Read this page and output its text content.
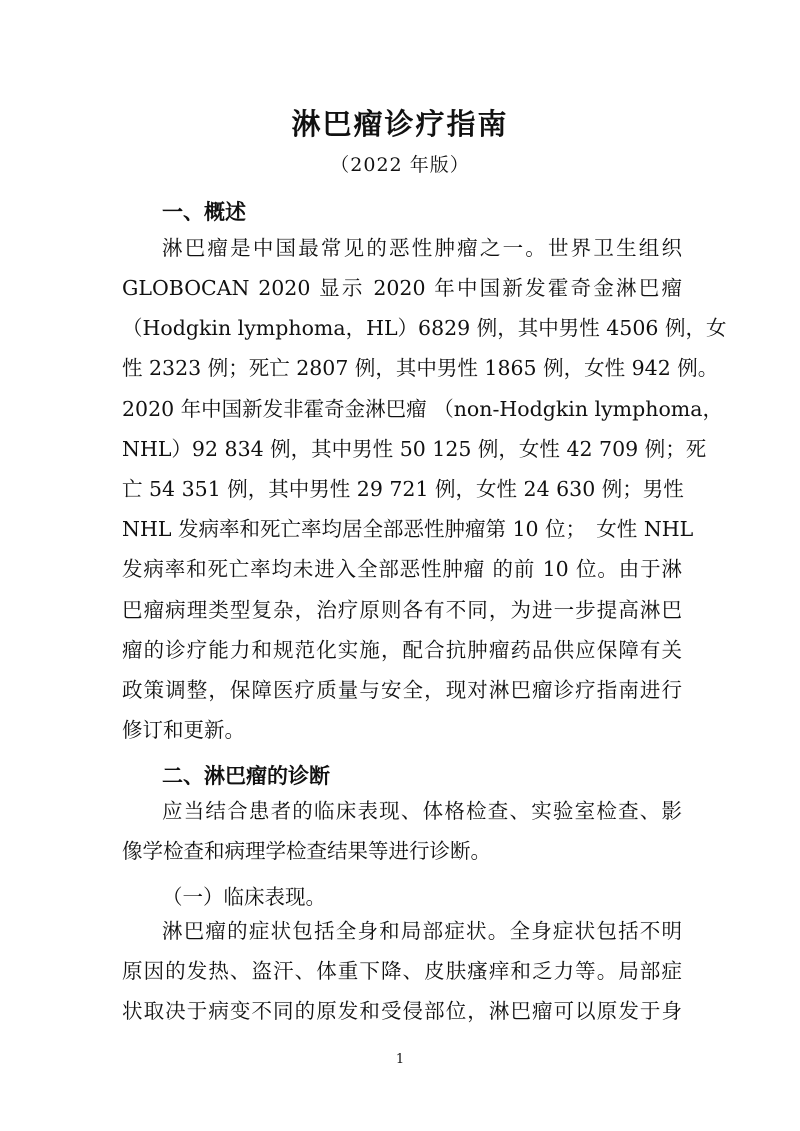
淋巴瘤诊疗指南
（2022 年版）
一、概述
淋巴瘤是中国最常见的恶性肿瘤之一。世界卫生组织
GLOBOCAN 2020 显示 2020 年中国新发霍奇金淋巴瘤
（Hodgkin lymphoma，HL）6829 例，其中男性 4506 例，女
性 2323 例；死亡 2807 例，其中男性 1865 例，女性 942 例。
2020 年中国新发非霍奇金淋巴瘤 （non-Hodgkin lymphoma，
NHL）92 834 例，其中男性 50 125 例，女性 42 709 例；死
亡 54 351 例，其中男性 29 721 例，女性 24 630 例；男性
NHL 发病率和死亡率均居全部恶性肿瘤第 10 位；　女性 NHL
发病率和死亡率均未进入全部恶性肿瘤 的前 10 位。由于淋
巴瘤病理类型复杂，治疗原则各有不同，为进一步提高淋巴
瘤的诊疗能力和规范化实施，配合抗肿瘤药品供应保障有关
政策调整，保障医疗质量与安全，现对淋巴瘤诊疗指南进行
修订和更新。
二、淋巴瘤的诊断
应当结合患者的临床表现、体格检查、实验室检查、影
像学检查和病理学检查结果等进行诊断。
（一）临床表现。
淋巴瘤的症状包括全身和局部症状。全身症状包括不明
原因的发热、盗汗、体重下降、皮肤瘙痒和乏力等。局部症
状取决于病变不同的原发和受侵部位，淋巴瘤可以原发于身
1
